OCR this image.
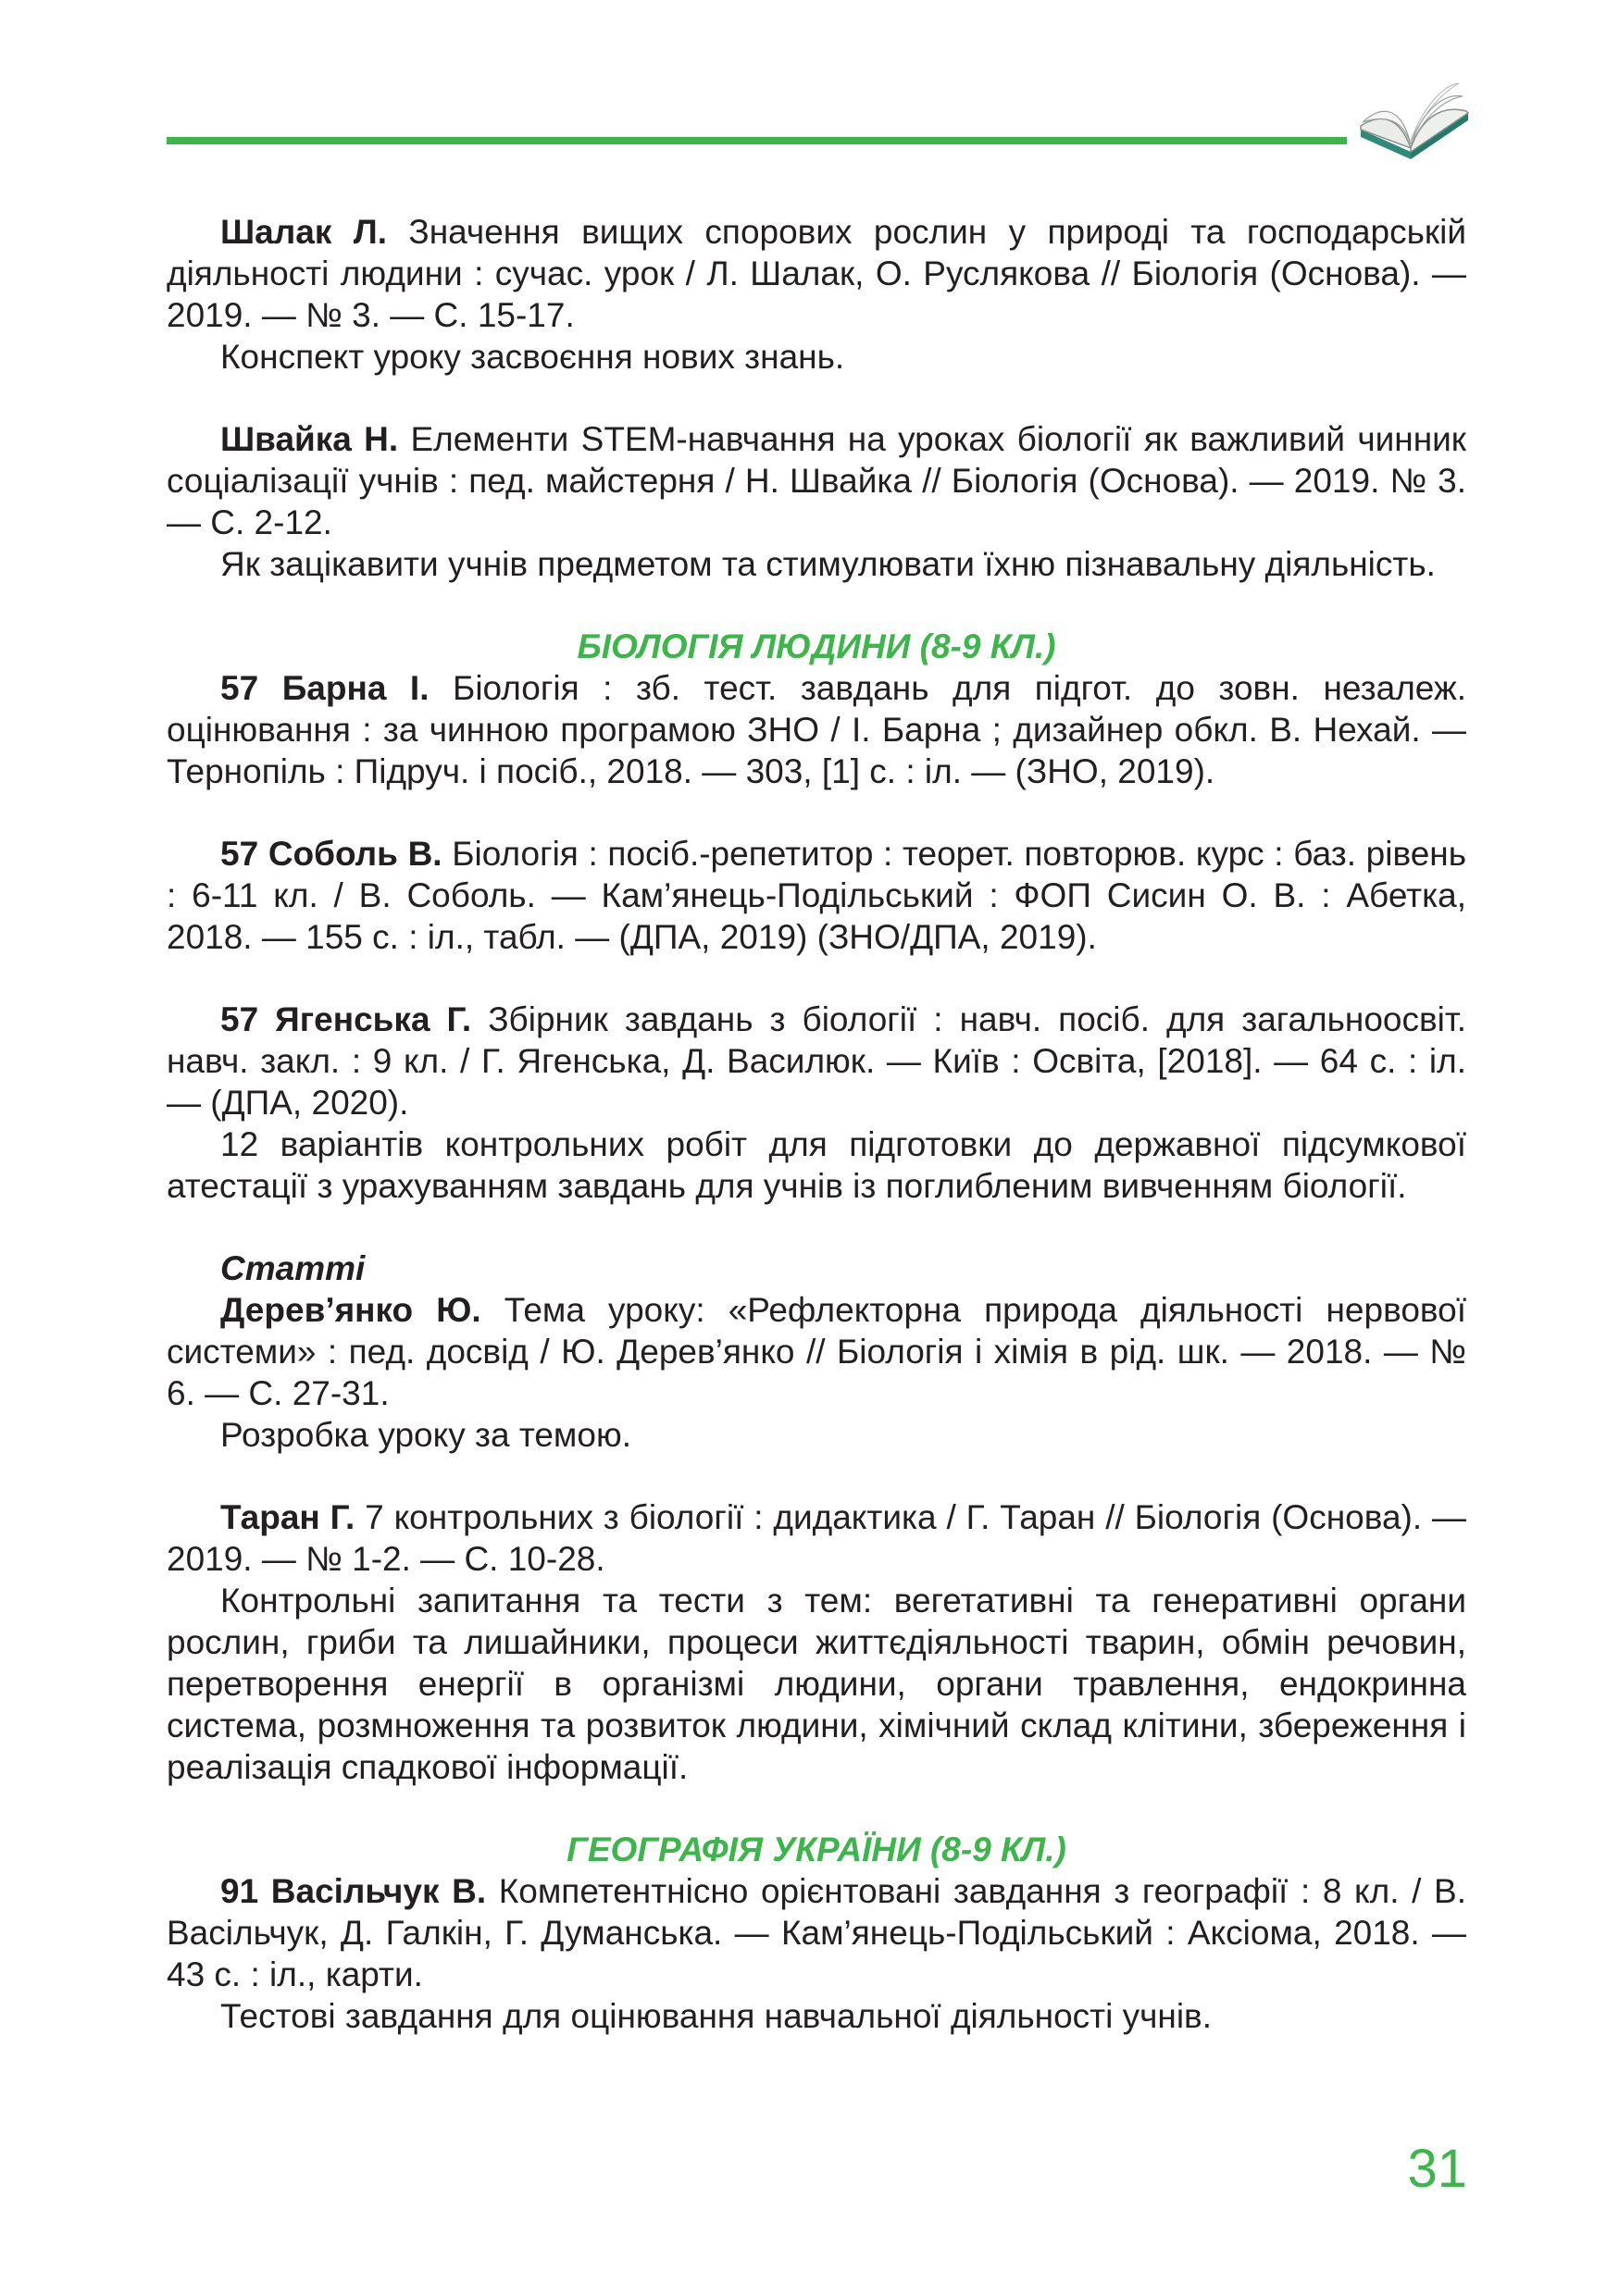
Шалак Л. Значення вищих спорових рослин у природі та господарській діяльності людини : сучас. урок / Л. Шалак, О. Руслякова // Біологія (Основа). — 2019. — № 3. — С. 15-17.

Конспект уроку засвоєння нових знань.

Швайка Н. Елементи STEM-навчання на уроках біології як важливий чинник соціалізації учнів : пед. майстерня / Н. Швайка // Біологія (Основа). — 2019. № 3. — С. 2-12.

Як зацікавити учнів предметом та стимулювати їхню пізнавальну діяльність.

БІОЛОГІЯ ЛЮДИНИ (8-9 КЛ.)

57 Барна І. Біологія : зб. тест. завдань для підгот. до зовн. незалеж. оцінювання : за чинною програмою ЗНО / І. Барна ; дизайнер обкл. В. Нехай. — Тернопіль : Підруч. і посіб., 2018. — 303, [1] с. : іл. — (ЗНО, 2019).

57 Соболь В. Біологія : посіб.-репетитор : теорет. повторюв. курс : баз. рівень : 6-11 кл. / В. Соболь. — Кам’янець-Подільський : ФОП Сисин О. В. : Абетка, 2018. — 155 с. : іл., табл. — (ДПА, 2019) (ЗНО/ДПА, 2019).

57 Ягенська Г. Збірник завдань з біології : навч. посіб. для загальноосвіт. навч. закл. : 9 кл. / Г. Ягенська, Д. Василюк. — Київ : Освіта, [2018]. — 64 с. : іл. — (ДПА, 2020).

12 варіантів контрольних робіт для підготовки до державної підсумкової атестації з урахуванням завдань для учнів із поглибленим вивченням біології.

Статті

Дерев’янко Ю. Тема уроку: «Рефлекторна природа діяльності нервової системи» : пед. досвід / Ю. Дерев’янко // Біологія і хімія в рід. шк. — 2018. — № 6. — С. 27-31.

Розробка уроку за темою.

Таран Г. 7 контрольних з біології : дидактика / Г. Таран // Біологія (Основа). — 2019. — № 1-2. — С. 10-28.

Контрольні запитання та тести з тем: вегетативні та генеративні органи рослин, гриби та лишайники, процеси життєдіяльності тварин, обмін речовин, перетворення енергії в організмі людини, органи травлення, ендокринна система, розмноження та розвиток людини, хімічний склад клітини, збереження і реалізація спадкової інформації.

ГЕОГРАФІЯ УКРАЇНИ (8-9 КЛ.)

91 Васільчук В. Компетентнісно орієнтовані завдання з географії : 8 кл. / В. Васільчук, Д. Галкін, Г. Думанська. — Кам’янець-Подільський : Аксіома, 2018. — 43 с. : іл., карти.

Тестові завдання для оцінювання навчальної діяльності учнів.

31
